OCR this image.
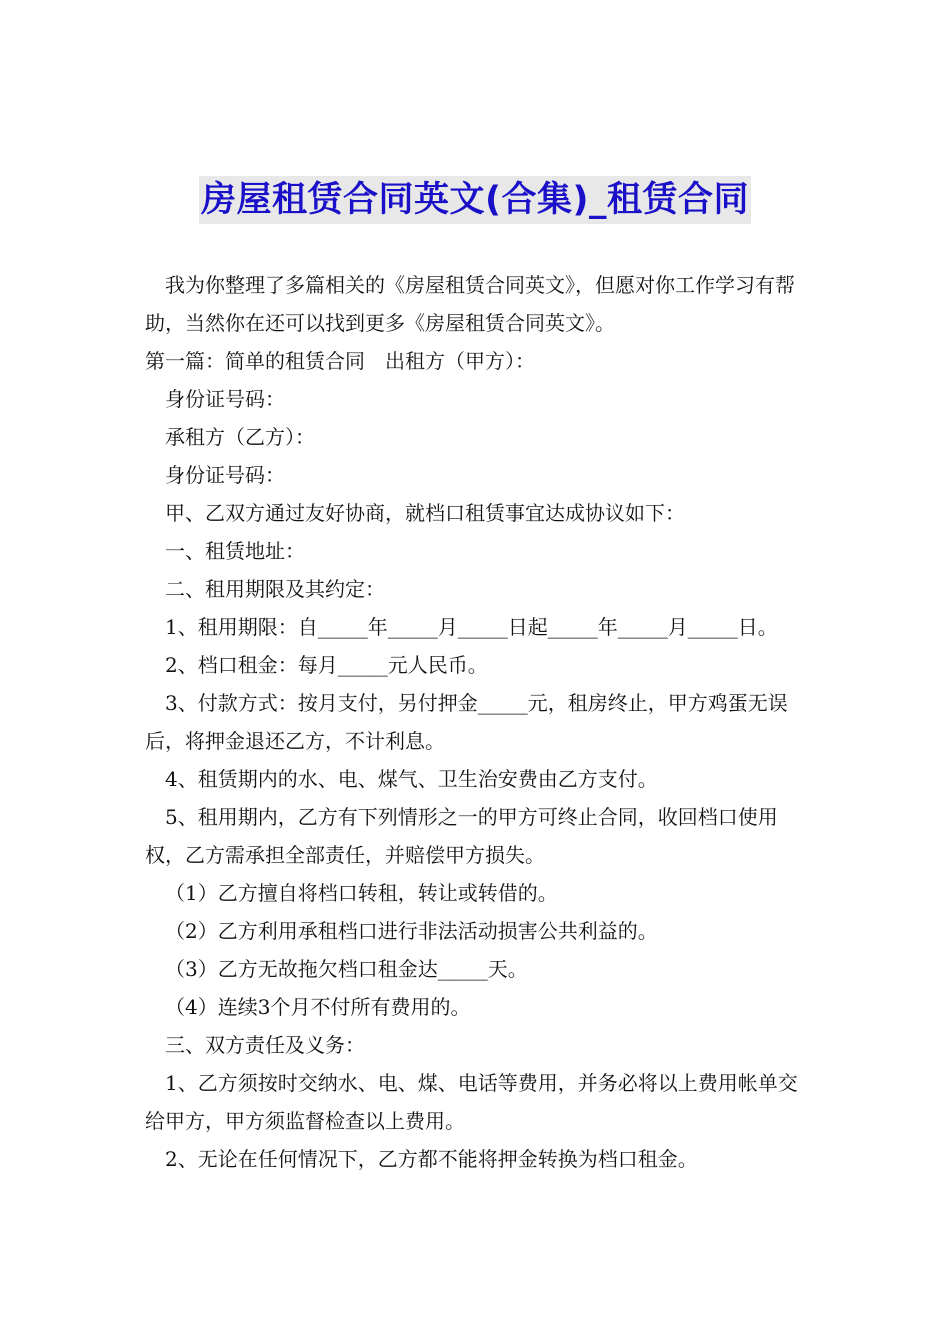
房屋租赁合同英文(合集)_租赁合同

我为你整理了多篇相关的《房屋租赁合同英文》，但愿对你工作学习有帮助，当然你在还可以找到更多《房屋租赁合同英文》。

第一篇：简单的租赁合同　出租方（甲方）：

身份证号码：

承租方（乙方）：

身份证号码：

甲、乙双方通过友好协商，就档口租赁事宜达成协议如下：

一、租赁地址：

二、租用期限及其约定：

1、租用期限：自_____年_____月_____日起_____年_____月_____日。

2、档口租金：每月_____元人民币。

3、付款方式：按月支付，另付押金_____元，租房终止，甲方鸡蛋无误后，将押金退还乙方，不计利息。

4、租赁期内的水、电、煤气、卫生治安费由乙方支付。

5、租用期内，乙方有下列情形之一的甲方可终止合同，收回档口使用权，乙方需承担全部责任，并赔偿甲方损失。

（1）乙方擅自将档口转租，转让或转借的。

（2）乙方利用承租档口进行非法活动损害公共利益的。

（3）乙方无故拖欠档口租金达_____天。

（4）连续3个月不付所有费用的。

三、双方责任及义务：

1、乙方须按时交纳水、电、煤、电话等费用，并务必将以上费用帐单交给甲方，甲方须监督检查以上费用。

2、无论在任何情况下，乙方都不能将押金转换为档口租金。
